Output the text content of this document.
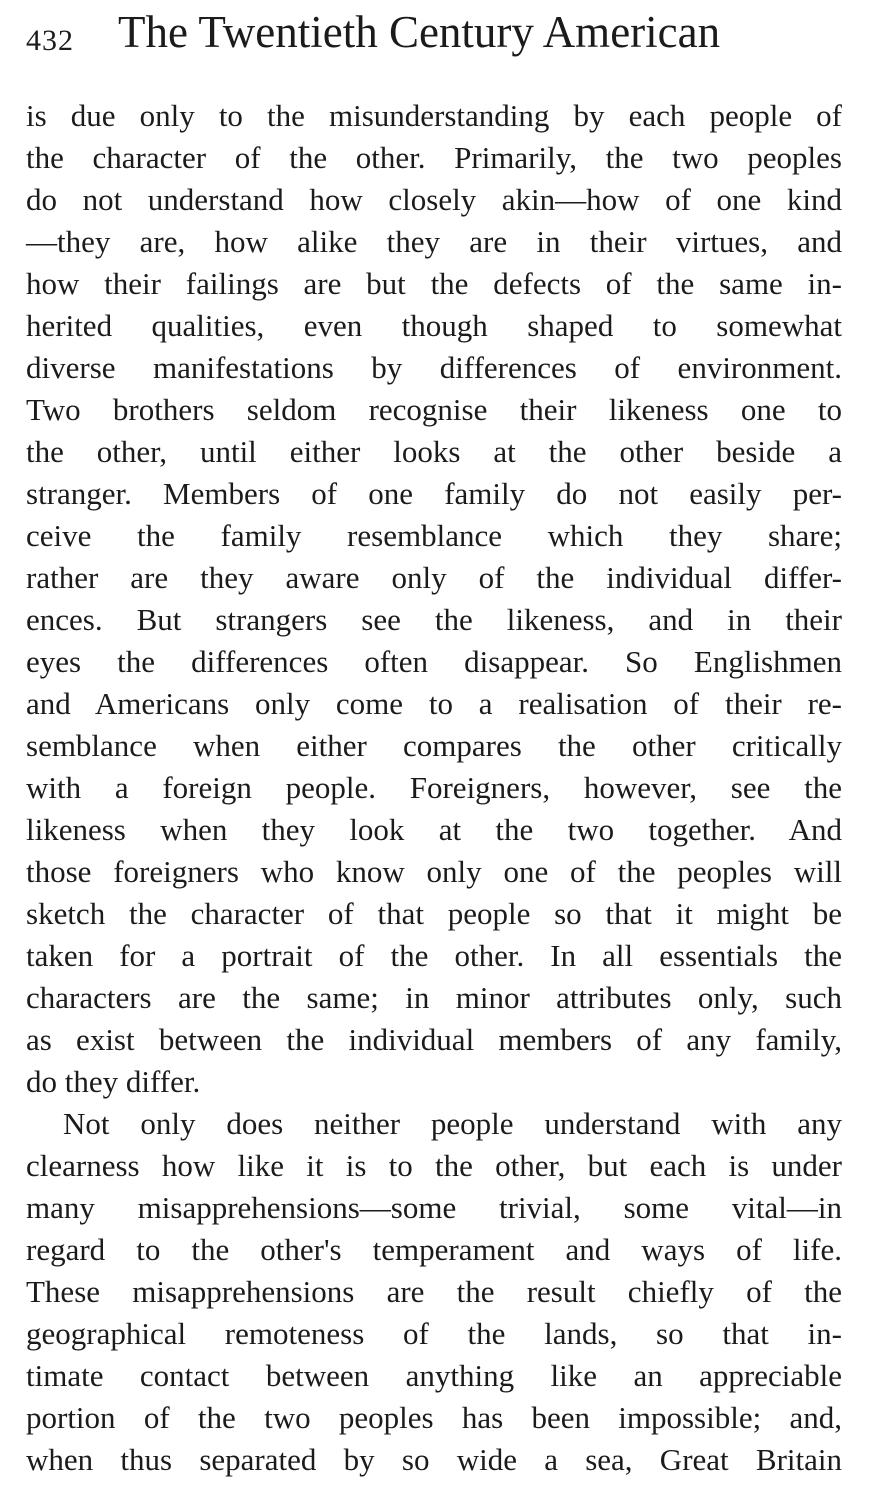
432 The Twentieth Century American
is due only to the misunderstanding by each people of
the character of the other. Primarily, the two peoples
do not understand how closely akin—how of one kind
—they are, how alike they are in their virtues, and
how their failings are but the defects of the same in-
herited qualities, even though shaped to somewhat
diverse manifestations by differences of environment.
Two brothers seldom recognise their likeness one to
the other, until either looks at the other beside a
stranger. Members of one family do not easily per-
ceive the family resemblance which they share;
rather are they aware only of the individual differ-
ences. But strangers see the likeness, and in their
eyes the differences often disappear. So Englishmen
and Americans only come to a realisation of their re-
semblance when either compares the other critically
with a foreign people. Foreigners, however, see the
likeness when they look at the two together. And
those foreigners who know only one of the peoples will
sketch the character of that people so that it might be
taken for a portrait of the other. In all essentials the
characters are the same; in minor attributes only, such
as exist between the individual members of any family,
do they differ.
Not only does neither people understand with any
clearness how like it is to the other, but each is under
many misapprehensions—some trivial, some vital—in
regard to the other's temperament and ways of life.
These misapprehensions are the result chiefly of the
geographical remoteness of the lands, so that in-
timate contact between anything like an appreciable
portion of the two peoples has been impossible; and,
when thus separated by so wide a sea, Great Britain
